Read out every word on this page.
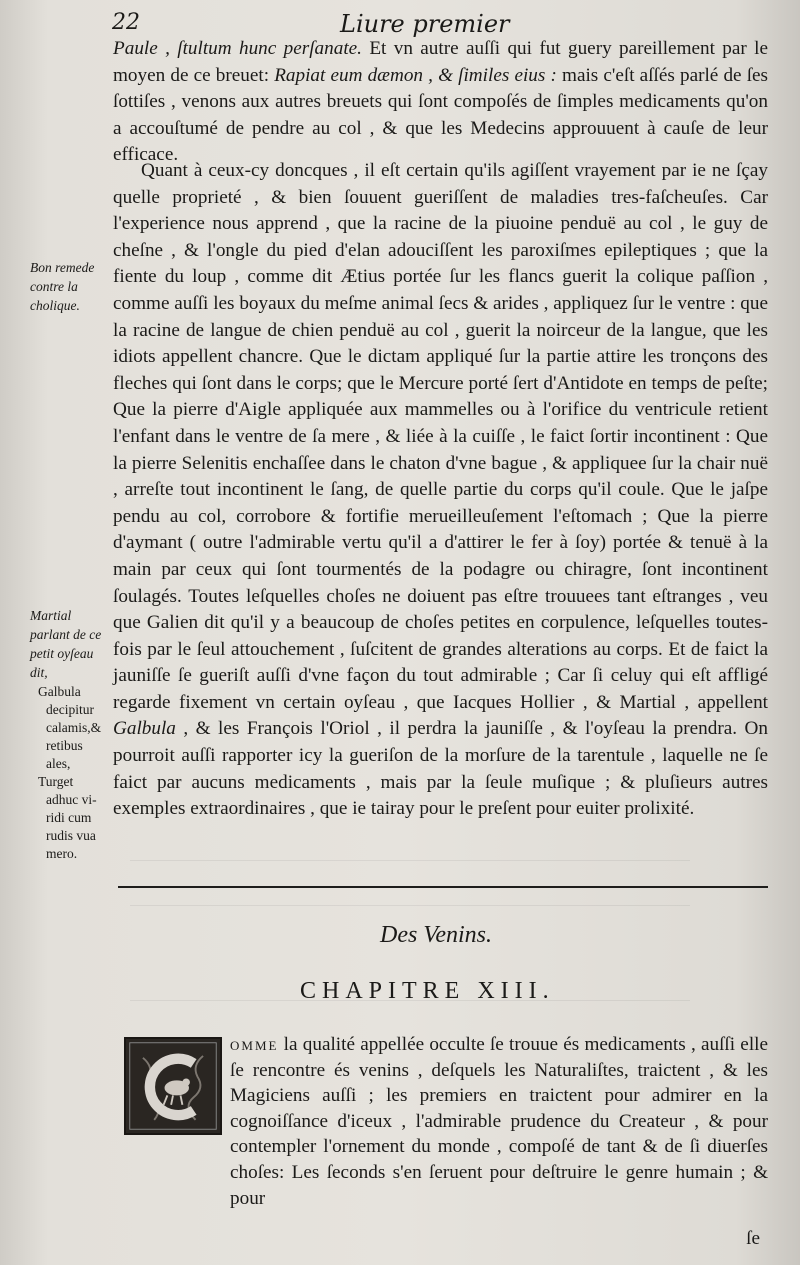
22	Liure premier

Paule , ſtultum hunc perſanate. Et vn autre auſſi qui fut guery pareillement par le moyen de ce breuet: Rapiat eum dæmon , & ſimiles eius : mais c'eſt aſſés parlé de ſes ſottiſes , venons aux autres breuets qui ſont compoſés de ſimples medicaments qu'on a accouſtumé de pendre au col , & que les Medecins approuuent à cauſe de leur efficace.

Quant à ceux-cy doncques , il eſt certain qu'ils agiſſent vrayement par ie ne ſçay quelle proprieté , & bien ſouuent gueriſſent de maladies tres-faſcheuſes. Car l'experience nous apprend , que la racine de la piuoine penduë au col , le guy de cheſne , & l'ongle du pied d'elan adouciſſent les paroxiſmes epileptiques ; que la fiente du loup , comme dit Ætius portée ſur les flancs guerit la colique paſſion , comme auſſi les boyaux du meſme animal ſecs & arides , appliquez ſur le ventre : que la racine de langue de chien penduë au col , guerit la noirceur de la langue, que les idiots appellent chancre. Que le dictam appliqué ſur la partie attire les tronçons des fleches qui ſont dans le corps; que le Mercure porté ſert d'Antidote en temps de peſte; Que la pierre d'Aigle appliquée aux mammelles ou à l'orifice du ventricule retient l'enfant dans le ventre de ſa mere , & liée à la cuiſſe , le faict ſortir incontinent : Que la pierre Selenitis enchaſſee dans le chaton d'vne bague , & appliquee ſur la chair nuë , arreſte tout incontinent le ſang, de quelle partie du corps qu'il coule. Que le jaſpe pendu au col, corrobore & fortifie merueilleuſement l'eſtomach ; Que la pierre d'aymant ( outre l'admirable vertu qu'il a d'attirer le fer à ſoy) portée & tenuë à la main par ceux qui ſont tourmentés de la podagre ou chiragre, ſont incontinent ſoulagés. Toutes leſquelles choſes ne doiuent pas eſtre trouuees tant eſtranges , veu que Galien dit qu'il y a beaucoup de choſes petites en corpulence, leſquelles toutes-fois par le ſeul attouchement , ſuſcitent de grandes alterations au corps. Et de faict la jauniſſe ſe gueriſt auſſi d'vne façon du tout admirable ; Car ſi celuy qui eſt affligé regarde fixement vn certain oyſeau , que Iacques Hollier , & Martial , appellent Galbula , & les François l'Oriol , il perdra la jauniſſe , & l'oyſeau la prendra. On pourroit auſſi rapporter icy la gueriſon de la morſure de la tarentule , laquelle ne ſe faict par aucuns medicaments , mais par la ſeule muſique ; & pluſieurs autres exemples extraordinaires , que ie tairay pour le preſent pour euiter prolixité.

Bon remede contre la cholique.
Martial parlant de ce petit oyſeau dit,
Galbula
decipitur
calamis,&
retibus
ales,
Turget
adhuc vi-
ridi cum
rudis vua
mero.
Des Venins.
CHAPITRE XIII.

omme la qualité appellée occulte ſe trouue és medicaments , auſſi elle ſe rencontre és venins , deſquels les Naturaliſtes, traictent , & les Magiciens auſſi ; les premiers en traictent pour admirer en la cognoiſſance d'iceux , l'admirable prudence du Createur , & pour contempler l'ornement du monde , compoſé de tant & de ſi diuerſes choſes: Les ſeconds s'en ſeruent pour deſtruire le genre humain ; & pour

ſe
